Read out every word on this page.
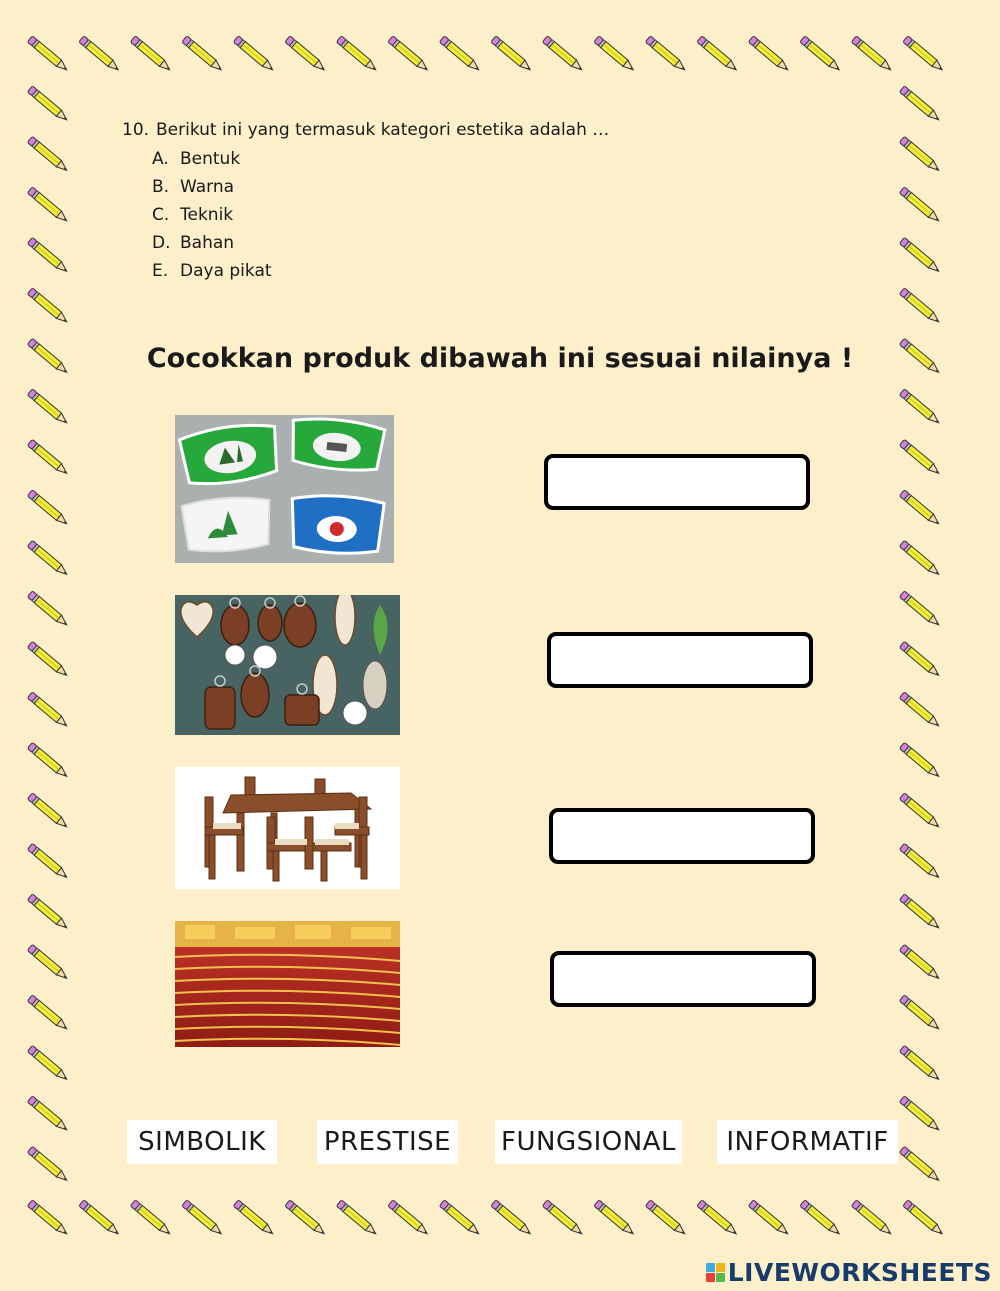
10. Berikut ini yang termasuk kategori estetika adalah …
A. Bentuk
B. Warna
C. Teknik
D. Bahan
E. Daya pikat
Cocokkan produk dibawah ini sesuai nilainya !
SIMBOLIK	PRESTISE FUNGSIONAL	INFORMATIF
LIVEWORKSHEETS
